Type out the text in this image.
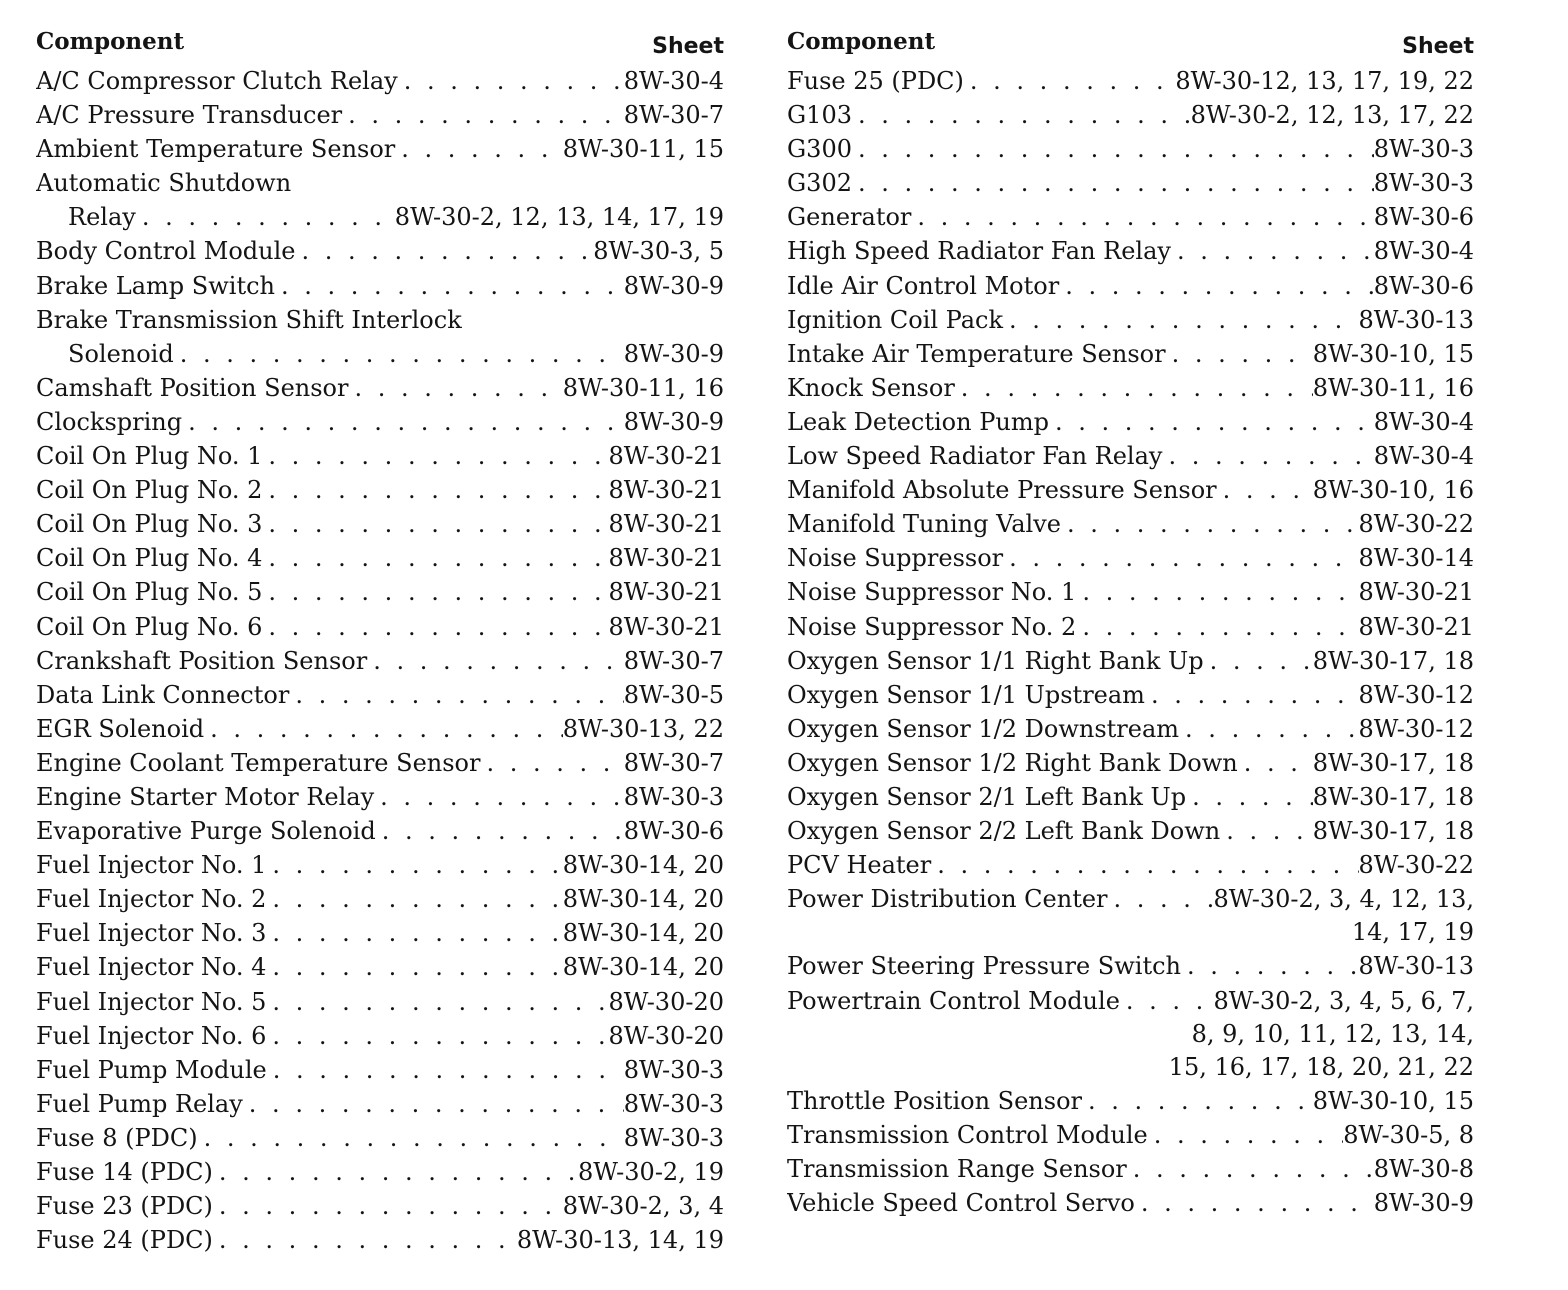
Component	Sheet
A/C Compressor Clutch Relay . . .	8W-30-4
A/C Pressure Transducer . . .	8W-30-7
Ambient Temperature Sensor . . .	8W-30-11, 15
Automatic Shutdown
Relay . . .	8W-30-2, 12, 13, 14, 17, 19
Body Control Module . . .	8W-30-3, 5
Brake Lamp Switch . . .	8W-30-9
Brake Transmission Shift Interlock
Solenoid . . .	8W-30-9
Camshaft Position Sensor . . .	8W-30-11, 16
Clockspring . . .	8W-30-9
Coil On Plug No. 1 . . .	8W-30-21
Coil On Plug No. 2 . . .	8W-30-21
Coil On Plug No. 3 . . .	8W-30-21
Coil On Plug No. 4 . . .	8W-30-21
Coil On Plug No. 5 . . .	8W-30-21
Coil On Plug No. 6 . . .	8W-30-21
Crankshaft Position Sensor . . .	8W-30-7
Data Link Connector . . .	8W-30-5
EGR Solenoid . . .	8W-30-13, 22
Engine Coolant Temperature Sensor . . .	8W-30-7
Engine Starter Motor Relay . . .	8W-30-3
Evaporative Purge Solenoid . . .	8W-30-6
Fuel Injector No. 1 . . .	8W-30-14, 20
Fuel Injector No. 2 . . .	8W-30-14, 20
Fuel Injector No. 3 . . .	8W-30-14, 20
Fuel Injector No. 4 . . .	8W-30-14, 20
Fuel Injector No. 5 . . .	8W-30-20
Fuel Injector No. 6 . . .	8W-30-20
Fuel Pump Module . . .	8W-30-3
Fuel Pump Relay . . .	8W-30-3
Fuse 8 (PDC) . . .	8W-30-3
Fuse 14 (PDC) . . .	8W-30-2, 19
Fuse 23 (PDC) . . .	8W-30-2, 3, 4
Fuse 24 (PDC) . . .	8W-30-13, 14, 19
Component	Sheet
Fuse 25 (PDC) . . .	8W-30-12, 13, 17, 19, 22
G103 . . .	8W-30-2, 12, 13, 17, 22
G300 . . .	8W-30-3
G302 . . .	8W-30-3
Generator . . .	8W-30-6
High Speed Radiator Fan Relay . . .	8W-30-4
Idle Air Control Motor . . .	8W-30-6
Ignition Coil Pack . . .	8W-30-13
Intake Air Temperature Sensor . . .	8W-30-10, 15
Knock Sensor . . .	8W-30-11, 16
Leak Detection Pump . . .	8W-30-4
Low Speed Radiator Fan Relay . . .	8W-30-4
Manifold Absolute Pressure Sensor . . .	8W-30-10, 16
Manifold Tuning Valve . . .	8W-30-22
Noise Suppressor . . .	8W-30-14
Noise Suppressor No. 1 . . .	8W-30-21
Noise Suppressor No. 2 . . .	8W-30-21
Oxygen Sensor 1/1 Right Bank Up . . .	8W-30-17, 18
Oxygen Sensor 1/1 Upstream . . .	8W-30-12
Oxygen Sensor 1/2 Downstream . . .	8W-30-12
Oxygen Sensor 1/2 Right Bank Down . . .	8W-30-17, 18
Oxygen Sensor 2/1 Left Bank Up . . .	8W-30-17, 18
Oxygen Sensor 2/2 Left Bank Down . . .	8W-30-17, 18
PCV Heater . . .	8W-30-22
Power Distribution Center . . .	8W-30-2, 3, 4, 12, 13,
14, 17, 19
Power Steering Pressure Switch . . .	8W-30-13
Powertrain Control Module . . .	8W-30-2, 3, 4, 5, 6, 7,
8, 9, 10, 11, 12, 13, 14,
15, 16, 17, 18, 20, 21, 22
Throttle Position Sensor . . .	8W-30-10, 15
Transmission Control Module . . .	8W-30-5, 8
Transmission Range Sensor . . .	8W-30-8
Vehicle Speed Control Servo . . .	8W-30-9
